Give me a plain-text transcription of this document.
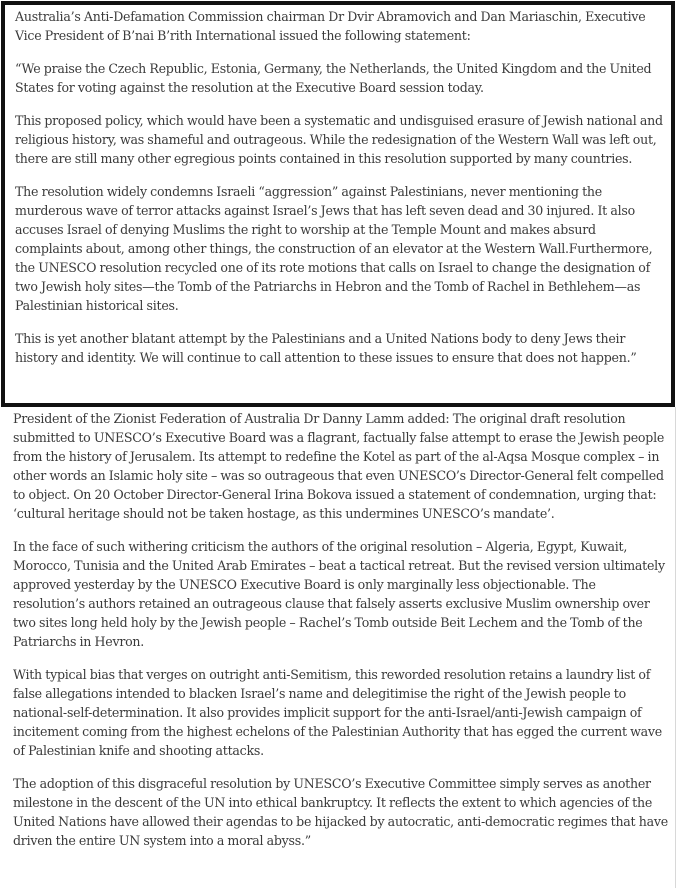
Australia’s Anti-Defamation Commission chairman Dr Dvir Abramovich and Dan Mariaschin, Executive Vice President of B’nai B’rith International issued the following statement:

“We praise the Czech Republic, Estonia, Germany, the Netherlands, the United Kingdom and the United States for voting against the resolution at the Executive Board session today.

This proposed policy, which would have been a systematic and undisguised erasure of Jewish national and religious history, was shameful and outrageous. While the redesignation of the Western Wall was left out, there are still many other egregious points contained in this resolution supported by many countries.

The resolution widely condemns Israeli “aggression” against Palestinians, never mentioning the murderous wave of terror attacks against Israel’s Jews that has left seven dead and 30 injured. It also accuses Israel of denying Muslims the right to worship at the Temple Mount and makes absurd complaints about, among other things, the construction of an elevator at the Western Wall.Furthermore, the UNESCO resolution recycled one of its rote motions that calls on Israel to change the designation of two Jewish holy sites—the Tomb of the Patriarchs in Hebron and the Tomb of Rachel in Bethlehem—as Palestinian historical sites.

This is yet another blatant attempt by the Palestinians and a United Nations body to deny Jews their history and identity. We will continue to call attention to these issues to ensure that does not happen.”

President of the Zionist Federation of Australia Dr Danny Lamm added: The original draft resolution submitted to UNESCO’s Executive Board was a flagrant, factually false attempt to erase the Jewish people from the history of Jerusalem. Its attempt to redefine the Kotel as part of the al-Aqsa Mosque complex – in other words an Islamic holy site – was so outrageous that even UNESCO’s Director-General felt compelled to object. On 20 October Director-General Irina Bokova issued a statement of condemnation, urging that: ‘cultural heritage should not be taken hostage, as this undermines UNESCO’s mandate’.

In the face of such withering criticism the authors of the original resolution – Algeria, Egypt, Kuwait, Morocco, Tunisia and the United Arab Emirates – beat a tactical retreat. But the revised version ultimately approved yesterday by the UNESCO Executive Board is only marginally less objectionable. The resolution’s authors retained an outrageous clause that falsely asserts exclusive Muslim ownership over two sites long held holy by the Jewish people – Rachel’s Tomb outside Beit Lechem and the Tomb of the Patriarchs in Hevron.

With typical bias that verges on outright anti-Semitism, this reworded resolution retains a laundry list of false allegations intended to blacken Israel’s name and delegitimise the right of the Jewish people to national-self-determination. It also provides implicit support for the anti-Israel/anti-Jewish campaign of incitement coming from the highest echelons of the Palestinian Authority that has egged the current wave of Palestinian knife and shooting attacks.

The adoption of this disgraceful resolution by UNESCO’s Executive Committee simply serves as another milestone in the descent of the UN into ethical bankruptcy. It reflects the extent to which agencies of the United Nations have allowed their agendas to be hijacked by autocratic, anti-democratic regimes that have driven the entire UN system into a moral abyss.”
